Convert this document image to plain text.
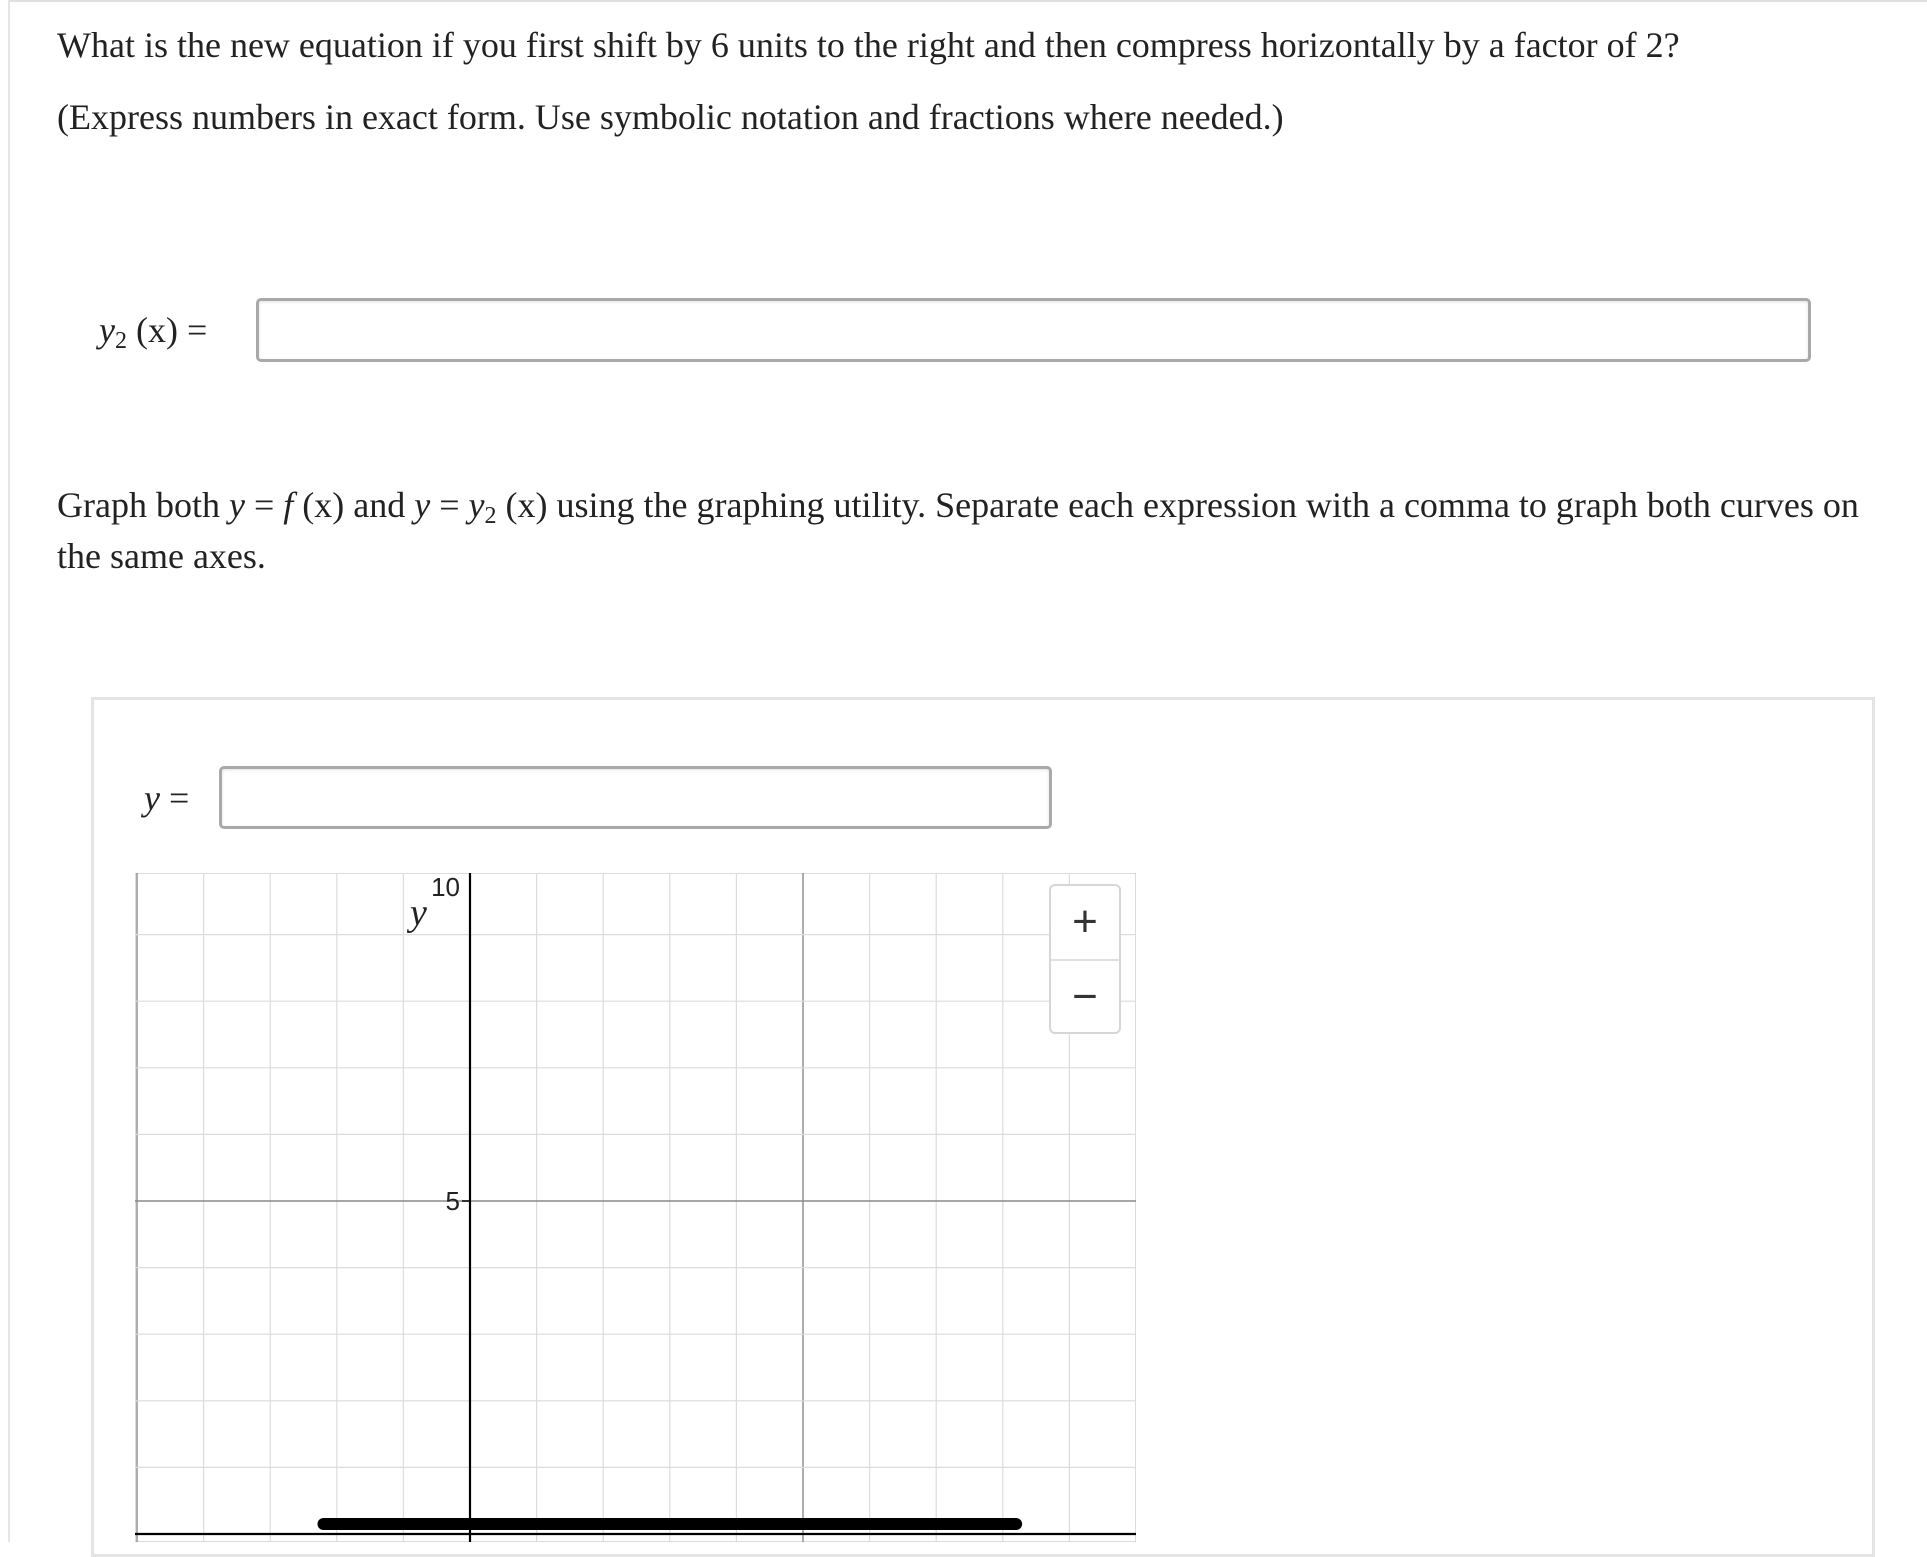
What is the new equation if you first shift by 6 units to the right and then compress horizontally by a factor of 2?

(Express numbers in exact form. Use symbolic notation and fractions where needed.)

$y_2$ (x) =

Graph both y = f (x) and $y = y_2$ (x) using the graphing utility. Separate each expression with a comma to graph both curves on

the same axes.

y =
10
5
y	+
−
